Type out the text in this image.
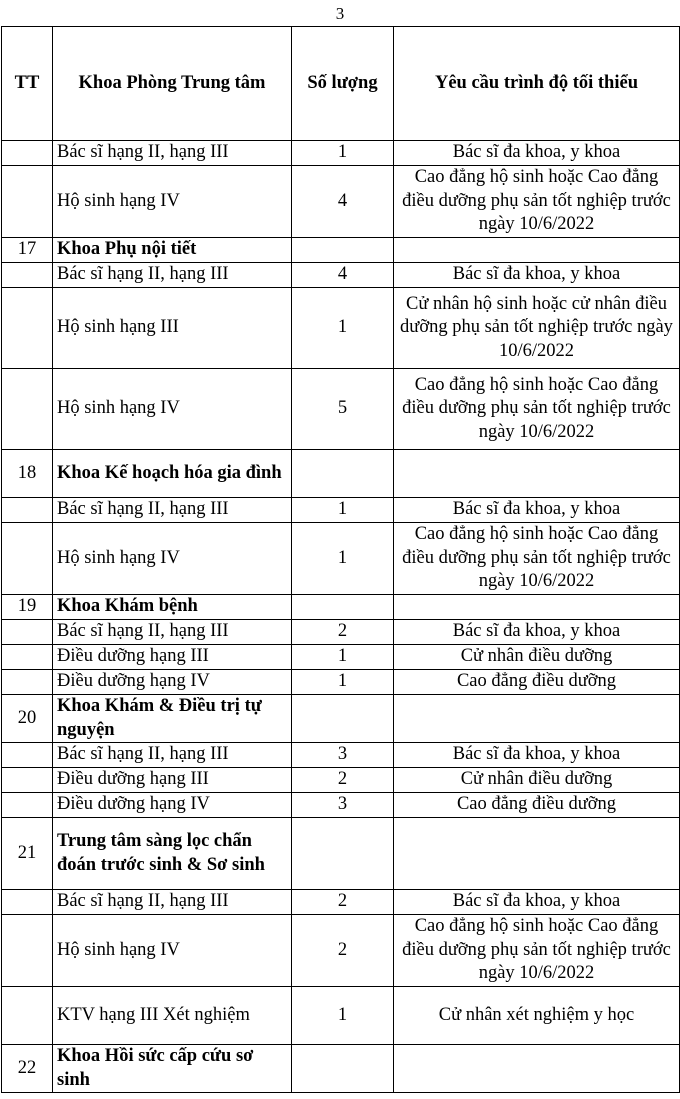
3
TT	Khoa Phòng Trung tâm	Số lượng	Yêu cầu trình độ tối thiểu
	Bác sĩ hạng II, hạng III	1	Bác sĩ đa khoa, y khoa
	Hộ sinh hạng IV	4	Cao đẳng hộ sinh hoặc Cao đẳng điều dưỡng phụ sản tốt nghiệp trước ngày 10/6/2022
17	Khoa Phụ nội tiết		
	Bác sĩ hạng II, hạng III	4	Bác sĩ đa khoa, y khoa
	Hộ sinh hạng III	1	Cử nhân hộ sinh hoặc cử nhân điều dưỡng phụ sản tốt nghiệp trước ngày 10/6/2022
	Hộ sinh hạng IV	5	Cao đẳng hộ sinh hoặc Cao đẳng điều dưỡng phụ sản tốt nghiệp trước ngày 10/6/2022
18	Khoa Kế hoạch hóa gia đình		
	Bác sĩ hạng II, hạng III	1	Bác sĩ đa khoa, y khoa
	Hộ sinh hạng IV	1	Cao đẳng hộ sinh hoặc Cao đẳng điều dưỡng phụ sản tốt nghiệp trước ngày 10/6/2022
19	Khoa Khám bệnh		
	Bác sĩ hạng II, hạng III	2	Bác sĩ đa khoa, y khoa
	Điều dưỡng hạng III	1	Cử nhân điều dưỡng
	Điều dưỡng hạng IV	1	Cao đẳng điều dưỡng
20	Khoa Khám & Điều trị tự nguyện		
	Bác sĩ hạng II, hạng III	3	Bác sĩ đa khoa, y khoa
	Điều dưỡng hạng III	2	Cử nhân điều dưỡng
	Điều dưỡng hạng IV	3	Cao đẳng điều dưỡng
21	Trung tâm sàng lọc chẩn đoán trước sinh & Sơ sinh		
	Bác sĩ hạng II, hạng III	2	Bác sĩ đa khoa, y khoa
	Hộ sinh hạng IV	2	Cao đẳng hộ sinh hoặc Cao đẳng điều dưỡng phụ sản tốt nghiệp trước ngày 10/6/2022
	KTV hạng III Xét nghiệm	1	Cử nhân xét nghiệm y học
22	Khoa Hồi sức cấp cứu sơ sinh		
